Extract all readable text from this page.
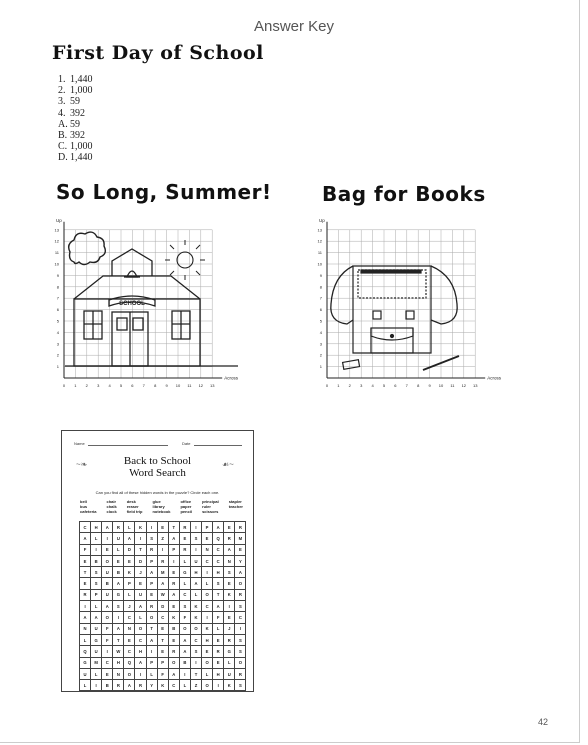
Answer Key
First Day of School
1. 1,440
2. 1,000
3. 59
4. 392
A. 59
B. 392
C. 1,000
D. 1,440
So Long, Summer!	Bag for Books
0 1 2 3 4 5 6 7 8 9 10 11 12 13
13
12
11
10
9
8
7
6
5
4
3
2
1
Up
Across
SCHOOL
0 1 2 3 4 5 6 7 8 9 10 11 12 13
13
12
11
10
9
8
7
6
5
4
3
2
1
Up
Across
Name	Date
Back to School
Word Search
~❧	☙~
Can you find all of these hidden words in the puzzle? Circle each one.
bell	chair	desk	glue	office	principal	stapler
bus	chalk	eraser	library	paper	ruler	teacher
cafeteria	clock	field trip	notebook	pencil	scissors
C	H	A	R	L	K	I	E	T	R	I	P	A	E	R
A	L	I	U	A	I	S	Z	A	E	S	E	Q	R	M
F	I	E	L	D	T	R	I	P	R	I	N	C	A	E
E	B	O	E	E	D	P	R	I	L	U	C	C	N	Y
T	S	U	B	K	J	A	M	E	G	H	I	H	S	A
E	S	B	A	P	E	P	A	R	L	A	L	S	E	O
R	P	U	G	L	U	E	W	A	C	L	O	T	K	R
I	L	A	S	J	A	R	D	E	S	K	C	A	I	S
A	A	O	I	C	L	O	C	K	F	K	I	F	E	C
N	U	F	A	N	O	T	E	B	O	O	K	L	J	I
L	G	F	T	E	C	A	T	E	A	C	H	E	R	S
Q	U	I	W	C	H	I	E	R	A	S	E	R	G	S
G	M	C	H	Q	A	P	P	O	B	I	O	E	L	O
U	L	E	N	O	I	L	F	A	I	T	L	H	U	R
L	I	B	R	A	R	Y	K	C	L	Z	O	I	K	S
42
